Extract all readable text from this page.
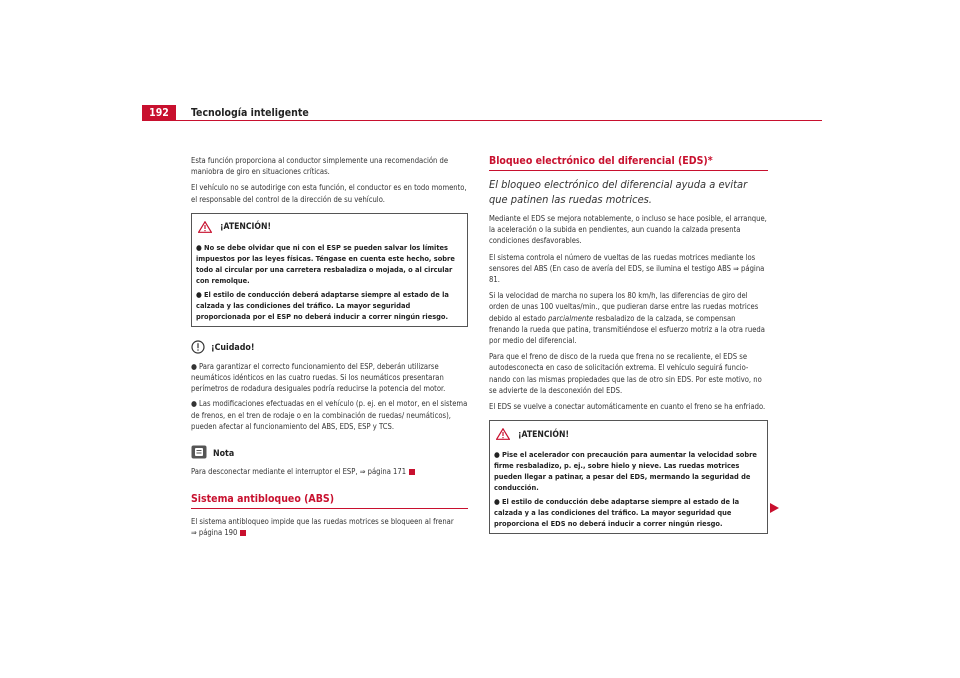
192	Tecnología inteligente

Esta función proporciona al conductor simplemente una recomendación de maniobra de giro en situaciones críticas.

El vehículo no se autodirige con esta función, el conductor es en todo momento, el responsable del control de la dirección de su vehículo.

¡ATENCIÓN!

● No se debe olvidar que ni con el ESP se pueden salvar los límites impuestos por las leyes físicas. Téngase en cuenta este hecho, sobre todo al circular por una carretera resbaladiza o mojada, o al circular con remolque.

● El estilo de conducción deberá adaptarse siempre al estado de la calzada y las condiciones del tráfico. La mayor seguridad proporcionada por el ESP no deberá inducir a correr ningún riesgo.

¡Cuidado!

● Para garantizar el correcto funcionamiento del ESP, deberán utilizarse neumáticos idénticos en las cuatro ruedas. Si los neumáticos presentaran perímetros de rodadura desiguales podría reducirse la potencia del motor.

● Las modificaciones efectuadas en el vehículo (p. ej. en el motor, en el sistema de frenos, en el tren de rodaje o en la combinación de ruedas/ neumáticos), pueden afectar al funcionamiento del ABS, EDS, ESP y TCS.

Nota

Para desconectar mediante el interruptor el ESP, ⇒ página 171

Sistema antibloqueo (ABS)

El sistema antibloqueo impide que las ruedas motrices se bloqueen al frenar
⇒ página 190

Bloqueo electrónico del diferencial (EDS)*
El bloqueo electrónico del diferencial ayuda a evitar que patinen las ruedas motrices.

Mediante el EDS se mejora notablemente, o incluso se hace posible, el arranque, la aceleración o la subida en pendientes, aun cuando la calzada presenta condiciones desfavorables.

El sistema controla el número de vueltas de las ruedas motrices mediante los sensores del ABS (En caso de avería del EDS, se ilumina el testigo ABS ⇒ página 81.

Si la velocidad de marcha no supera los 80 km/h, las diferencias de giro del orden de unas 100 vueltas/min., que pudieran darse entre las ruedas motrices debido al estado parcialmente resbaladizo de la calzada, se compensan frenando la rueda que patina, transmitiéndose el esfuerzo motriz a la otra rueda por medio del diferencial.

Para que el freno de disco de la rueda que frena no se recaliente, el EDS se autodesconecta en caso de solicitación extrema. El vehículo seguirá funcio-nando con las mismas propiedades que las de otro sin EDS. Por este motivo, no se advierte de la desconexión del EDS.

El EDS se vuelve a conectar automáticamente en cuanto el freno se ha enfriado.

¡ATENCIÓN!

● Pise el acelerador con precaución para aumentar la velocidad sobre firme resbaladizo, p. ej., sobre hielo y nieve. Las ruedas motrices pueden llegar a patinar, a pesar del EDS, mermando la seguridad de conducción.

● El estilo de conducción debe adaptarse siempre al estado de la calzada y a las condiciones del tráfico. La mayor seguridad que proporciona el EDS no deberá inducir a correr ningún riesgo.
